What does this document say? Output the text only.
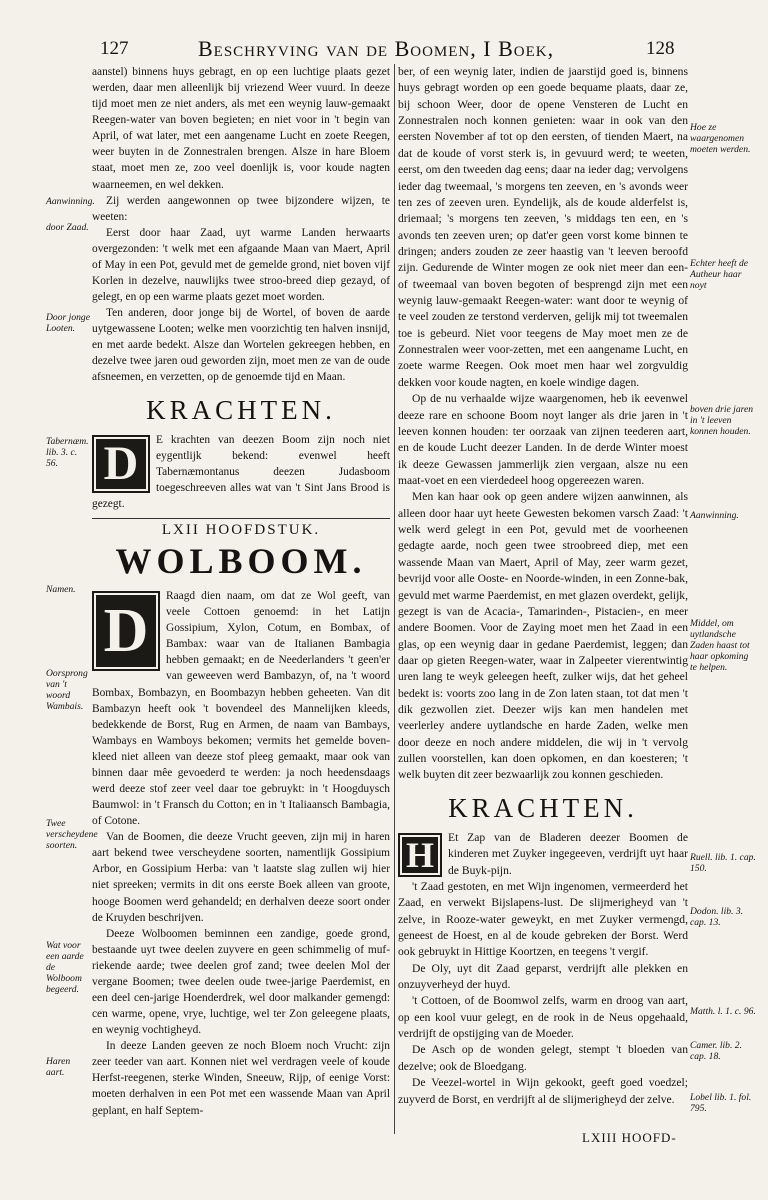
127	Beschryving van de Boomen, I Boek,	128

aanstel) binnens huys gebragt, en op een luchtige plaats gezet werden, daar men alleenlijk bij vriezend Weer vuurd. In deeze tijd moet men ze niet anders, als met een weynig lauw-gemaakt Reegen-water van boven begieten; en niet voor in 't begin van April, of wat later, met een aangename Lucht en zoete Reegen, weer buyten in de Zonnestralen brengen. Alsze in hare Bloem staat, moet men ze, zoo veel doenlijk is, voor koude nagten waarneemen, en wel dekken.

Zij werden aangewonnen op twee bijzondere wijzen, te weeten:

Eerst door haar Zaad, uyt warme Landen herwaarts overgezonden: 't welk met een afgaande Maan van Maert, April of May in een Pot, gevuld met de gemelde grond, niet boven vijf Korlen in dezelve, nauwlijks twee stroo-breed diep gezayd, of gelegt, en op een warme plaats gezet moet worden.

Ten anderen, door jonge bij de Wortel, of boven de aarde uytgewassene Looten; welke men voorzichtig ten halven insnijd, en met aarde bedekt. Alsze dan Wortelen gekreegen hebben, en dezelve twee jaren oud geworden zijn, moet men ze van de oude afsneemen, en verzetten, op de genoemde tijd en Maan.

KRACHTEN.

D	E krachten van deezen Boom zijn noch niet eygentlijk bekend: evenwel heeft Tabernæmontanus deezen Judasboom toegeschreeven alles wat van 't Sint Jans Brood is gezegt.

LXII HOOFDSTUK.
WOLBOOM.

D
Raagd dien naam, om dat ze Wol geeft, van veele Cottoen genoemd: in het Latijn Gossipium, Xylon, Cotum, en Bombax, of Bambax: waar van de Italianen Bambagia hebben gemaakt; en de Neederlanders 't geen'er van geweeven werd Bambazyn, of, na 't woord Bombax, Bombazyn, en Boombazyn hebben geheeten. Van dit Bambazyn heeft ook 't bovendeel des Mannelijken kleeds, bedekkende de Borst, Rug en Armen, de naam van Bambays, Wambays en Wamboys bekomen; vermits het gemelde boven-kleed niet alleen van deeze stof pleeg gemaakt, maar ook van binnen daar mêe gevoederd te werden: ja noch heedensdaags werd deeze stof zeer veel daar toe gebruykt: in 't Hoogduysch Baumwol: in 't Fransch du Cotton; en in 't Italiaansch Bambagia, of Cotone.

Van de Boomen, die deeze Vrucht geeven, zijn mij in haren aart bekend twee verscheydene soorten, namentlijk Gossipium Arbor, en Gossipium Herba: van 't laatste slag zullen wij hier niet spreeken; vermits in dit ons eerste Boek alleen van groote, hooge Boomen werd gehandeld; en derhalven deeze soort onder de Kruyden beschrijven.

Deeze Wolboomen beminnen een zandige, goede grond, bestaande uyt twee deelen zuyvere en geen schimmelig of muf-riekende aarde; twee deelen grof zand; twee deelen Mol der vergane Boomen; twee deelen oude twee-jarige Paerdemist, en een deel cen-jarige Hoenderdrek, wel door malkander gemengd: cen warme, opene, vrye, luchtige, wel ter Zon geleegene plaats, en weynig vochtigheyd.

In deeze Landen geeven ze noch Bloem noch Vrucht: zijn zeer teeder van aart. Konnen niet wel verdragen veele of koude Herfst-reegenen, sterke Winden, Sneeuw, Rijp, of eenige Vorst: moeten derhalven in een Pot met een wassende Maan van April geplant, en half Septem-

ber, of een weynig later, indien de jaarstijd goed is, binnens huys gebragt worden op een goede bequame plaats, daar ze, bij schoon Weer, door de opene Vensteren de Lucht en Zonnestralen noch konnen genieten: waar in ook van den eersten November af tot op den eersten, of tienden Maert, na dat de koude of vorst sterk is, in gevuurd werd; te weeten, eerst, om den tweeden dag eens; daar na ieder dag; vervolgens ieder dag tweemaal, 's morgens ten zeeven, en 's avonds weer ten zes of zeeven uren. Eyndelijk, als de koude alderfelst is, driemaal; 's morgens ten zeeven, 's middags ten een, en 's avonds ten zeeven uren; op dat'er geen vorst kome binnen te dringen; anders zouden ze zeer haastig van 't leeven beroofd zijn. Gedurende de Winter mogen ze ook niet meer dan een- of tweemaal van boven begoten of besprengd zijn met een weynig lauw-gemaakt Reegen-water: want door te weynig of te veel zouden ze terstond verderven, gelijk mij tot tweemalen toe is gebeurd. Niet voor teegens de May moet men ze de Zonnestralen weer voor-zetten, met een aangename Lucht, en zoete warme Reegen. Ook moet men haar wel zorgvuldig dekken voor koude nagten, en koele windige dagen.

Op de nu verhaalde wijze waargenomen, heb ik eevenwel deeze rare en schoone Boom noyt langer als drie jaren in 't leeven konnen houden: ter oorzaak van zijnen teederen aart, en de koude Lucht deezer Landen. In de derde Winter moest ik deeze Gewassen jammerlijk zien vergaan, alsze nu een maat-voet en een vierdedeel hoog opgereezen waren.

Men kan haar ook op geen andere wijzen aanwinnen, als alleen door haar uyt heete Gewesten bekomen varsch Zaad: 't welk werd gelegt in een Pot, gevuld met de voorheenen gedagte aarde, noch geen twee stroobreed diep, met een wassende Maan van Maert, April of May, zeer warm gezet, bevrijd voor alle Ooste- en Noorde-winden, in een Zonne-bak, gevuld met warme Paerdemist, en met glazen overdekt, gelijk, gezegt is van de Acacia-, Tamarinden-, Pistacien-, en meer andere Boomen. Voor de Zaying moet men het Zaad in een glas, op een weynig daar in gedane Paerdemist, leggen; dan daar op gieten Reegen-water, waar in Zalpeeter vierentwintig uren lang te weyk geleegen heeft, zulker wijs, dat het geheel bedekt is: voorts zoo lang in de Zon laten staan, tot dat men 't dik gezwollen ziet. Deezer wijs kan men handelen met veerlerley andere uytlandsche en harde Zaden, welke men door deeze en noch andere middelen, die wij in 't vervolg zullen voorstellen, kan doen opkomen, en dan koesteren; 't welk buyten dit zeer bezwaarlijk zou konnen geschieden.

KRACHTEN.

H	Et Zap van de Bladeren deezer Boomen de kinderen met Zuyker ingegeeven, verdrijft uyt haar de Buyk-pijn.

't Zaad gestoten, en met Wijn ingenomen, vermeerderd het Zaad, en verwekt Bijslapens-lust. De slijmerigheyd van 't zelve, in Rooze-water geweykt, en met Zuyker vermengd, geneest de Hoest, en al de koude gebreken der Borst. Werd ook gebruykt in Hittige Koortzen, en teegens 't vergif.

De Oly, uyt dit Zaad geparst, verdrijft alle plekken en onzuyverheyd der huyd.

't Cottoen, of de Boomwol zelfs, warm en droog van aart, op een kool vuur gelegt, en de rook in de Neus opgehaald, verdrijft de opstijging van de Moeder.

De Asch op de wonden gelegt, stempt 't bloeden van dezelve; ook de Bloedgang.

De Veezel-wortel in Wijn gekookt, geeft goed voedzel; zuyverd de Borst, en verdrijft al de slijmerigheyd der zelve.

Aanwinning.
door Zaad.
Door jonge Looten.
Tabernæm. lib. 3. c. 56.
Namen.
Oorsprong van 't woord Wambais.
Twee verscheydene soorten.
Wat voor een aarde de Wolboom begeerd.
Haren aart.
Hoe ze waargenomen moeten werden.
Echter heeft de Autheur haar noyt
boven drie jaren in 't leeven konnen houden.
Aanwinning.
Middel, om uytlandsche Zaden haast tot haar opkoming te helpen.
Ruell. lib. 1. cap. 150.
Dodon. lib. 3. cap. 13.
Matth. l. 1. c. 96.
Camer. lib. 2. cap. 18.
Lobel lib. 1. fol. 795.
LXIII HOOFD-
